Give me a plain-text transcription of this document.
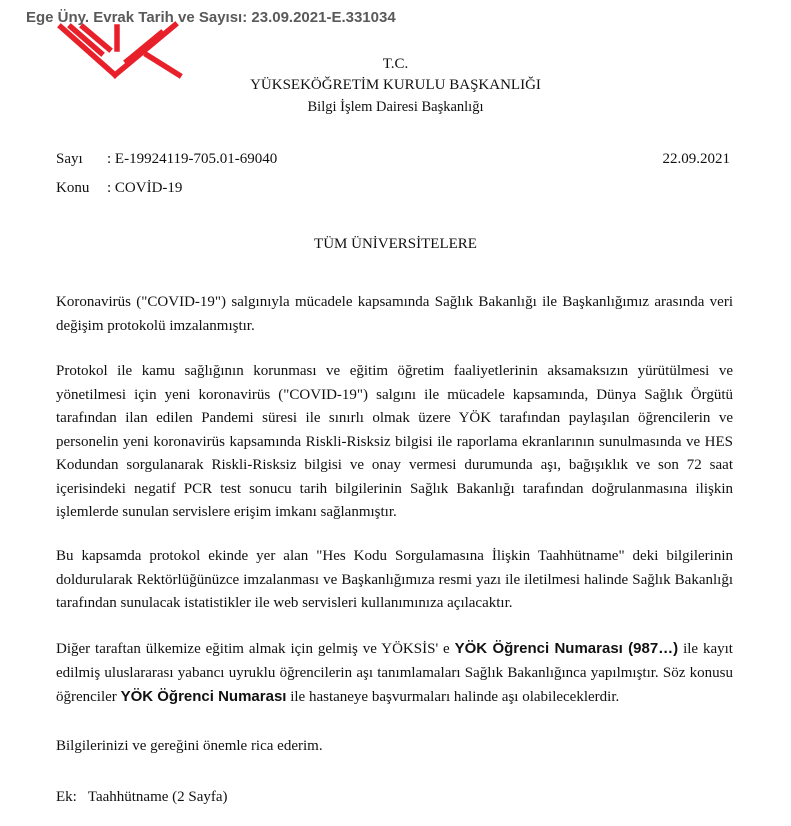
Ege Üny. Evrak Tarih ve Sayısı: 23.09.2021-E.331034
T.C.
YÜKSEKÖĞRETİM KURULU BAŞKANLIĞI
Bilgi İşlem Dairesi Başkanlığı
Sayı : E-19924119-705.01-69040	22.09.2021
Konu : COVİD-19
TÜM ÜNİVERSİTELERE
Koronavirüs ("COVID-19") salgınıyla mücadele kapsamında Sağlık Bakanlığı ile Başkanlığımız arasında veri değişim protokolü imzalanmıştır.
Protokol ile kamu sağlığının korunması ve eğitim öğretim faaliyetlerinin aksamaksızın yürütülmesi ve yönetilmesi için yeni koronavirüs ("COVID-19") salgını ile mücadele kapsamında, Dünya Sağlık Örgütü tarafından ilan edilen Pandemi süresi ile sınırlı olmak üzere YÖK tarafından paylaşılan öğrencilerin ve personelin yeni koronavirüs kapsamında Riskli-Risksiz bilgisi ile raporlama ekranlarının sunulmasında ve HES Kodundan sorgulanarak Riskli-Risksiz bilgisi ve onay vermesi durumunda aşı, bağışıklık ve son 72 saat içerisindeki negatif PCR test sonucu tarih bilgilerinin Sağlık Bakanlığı tarafından doğrulanmasına ilişkin işlemlerde sunulan servislere erişim imkanı sağlanmıştır.
Bu kapsamda protokol ekinde yer alan "Hes Kodu Sorgulamasına İlişkin Taahhütname" deki bilgilerinin doldurularak Rektörlüğünüzce imzalanması ve Başkanlığımıza resmi yazı ile iletilmesi halinde Sağlık Bakanlığı tarafından sunulacak istatistikler ile web servisleri kullanımınıza açılacaktır.
Diğer taraftan ülkemize eğitim almak için gelmiş ve YÖKSİS' e YÖK Öğrenci Numarası (987…) ile kayıt edilmiş uluslararası yabancı uyruklu öğrencilerin aşı tanımlamaları Sağlık Bakanlığınca yapılmıştır. Söz konusu öğrenciler YÖK Öğrenci Numarası ile hastaneye başvurmaları halinde aşı olabileceklerdir.
Bilgilerinizi ve gereğini önemle rica ederim.
Ek: Taahhütname (2 Sayfa)
